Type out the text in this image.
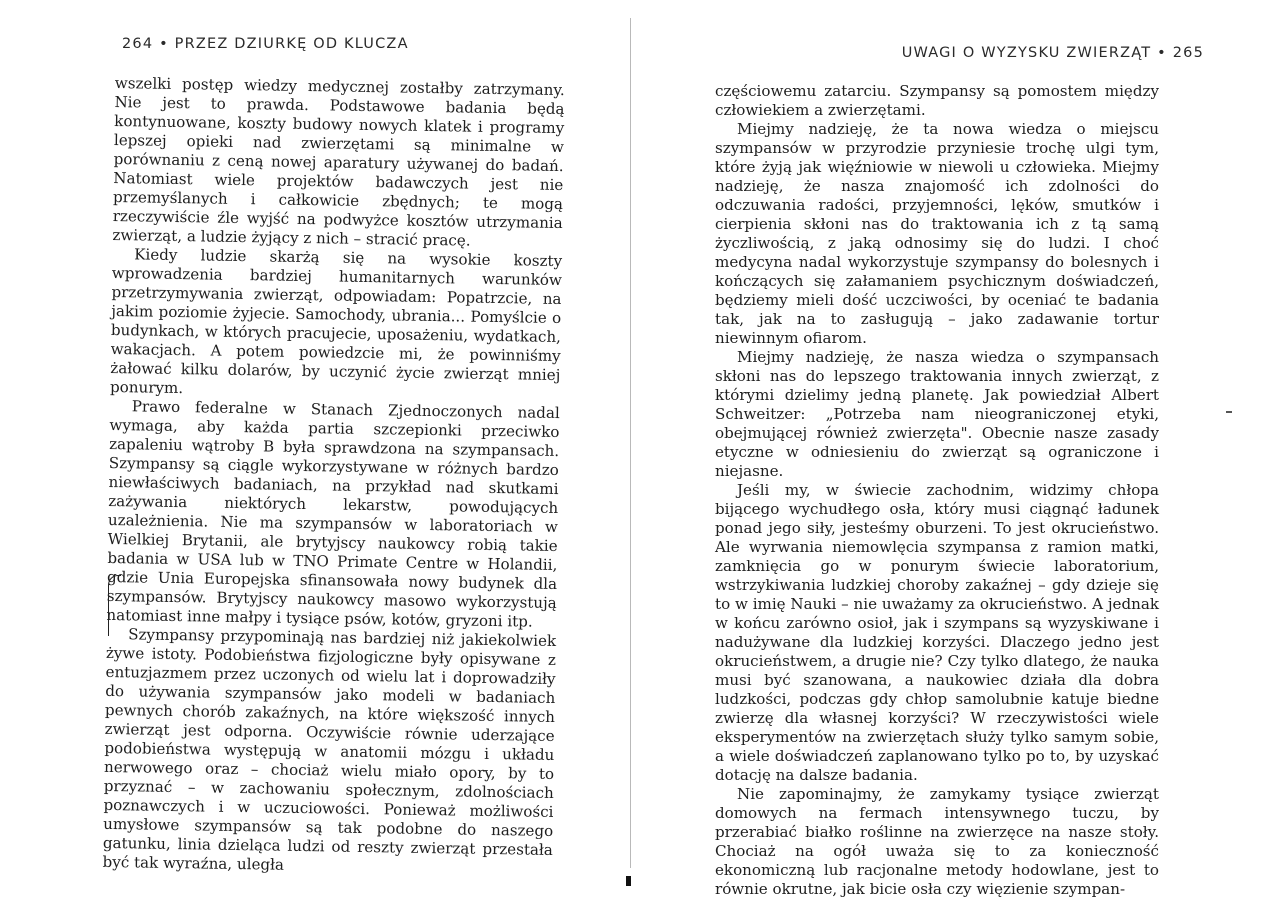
264 • PRZEZ DZIURKĘ OD KLUCZA

wszelki postęp wiedzy medycznej zostałby zatrzymany. Nie jest to prawda. Podstawowe badania będą kontynuowane, koszty budowy nowych klatek i programy lepszej opieki nad zwierzętami są minimalne w porównaniu z ceną nowej aparatury używanej do badań. Natomiast wiele projektów badawczych jest nie przemyślanych i całkowicie zbędnych; te mogą rzeczywiście źle wyjść na podwyżce kosztów utrzymania zwierząt, a ludzie żyjący z nich – stracić pracę.

Kiedy ludzie skarżą się na wysokie koszty wprowadzenia bardziej humanitarnych warunków przetrzymywania zwierząt, odpowiadam: Popatrzcie, na jakim poziomie żyjecie. Samochody, ubrania... Pomyślcie o budynkach, w których pracujecie, uposażeniu, wydatkach, wakacjach. A potem powiedzcie mi, że powinniśmy żałować kilku dolarów, by uczynić życie zwierząt mniej ponurym.

Prawo federalne w Stanach Zjednoczonych nadal wymaga, aby każda partia szczepionki przeciwko zapaleniu wątroby B była sprawdzona na szympansach. Szympansy są ciągle wykorzystywane w różnych bardzo niewłaściwych badaniach, na przykład nad skutkami zażywania niektórych lekarstw, powodujących uzależnienia. Nie ma szympansów w laboratoriach w Wielkiej Brytanii, ale brytyjscy naukowcy robią takie badania w USA lub w TNO Primate Centre w Holandii, gdzie Unia Europejska sfinansowała nowy budynek dla szympansów. Brytyjscy naukowcy masowo wykorzystują natomiast inne małpy i tysiące psów, kotów, gryzoni itp.

Szympansy przypominają nas bardziej niż jakiekolwiek żywe istoty. Podobieństwa fizjologiczne były opisywane z entuzjazmem przez uczonych od wielu lat i doprowadziły do używania szympansów jako modeli w badaniach pewnych chorób zakaźnych, na które większość innych zwierząt jest odporna. Oczywiście równie uderzające podobieństwa występują w anatomii mózgu i układu nerwowego oraz – chociaż wielu miało opory, by to przyznać – w zachowaniu społecznym, zdolnościach poznawczych i w uczuciowości. Ponieważ możliwości umysłowe szympansów są tak podobne do naszego gatunku, linia dzieląca ludzi od reszty zwierząt przestała być tak wyraźna, uległa

UWAGI O WYZYSKU ZWIERZĄT • 265

częściowemu zatarciu. Szympansy są pomostem między człowiekiem a zwierzętami.

Miejmy nadzieję, że ta nowa wiedza o miejscu szympansów w przyrodzie przyniesie trochę ulgi tym, które żyją jak więźniowie w niewoli u człowieka. Miejmy nadzieję, że nasza znajomość ich zdolności do odczuwania radości, przyjemności, lęków, smutków i cierpienia skłoni nas do traktowania ich z tą samą życzliwością, z jaką odnosimy się do ludzi. I choć medycyna nadal wykorzystuje szympansy do bolesnych i kończących się załamaniem psychicznym doświadczeń, będziemy mieli dość uczciwości, by oceniać te badania tak, jak na to zasługują – jako zadawanie tortur niewinnym ofiarom.

Miejmy nadzieję, że nasza wiedza o szympansach skłoni nas do lepszego traktowania innych zwierząt, z którymi dzielimy jedną planetę. Jak powiedział Albert Schweitzer: „Potrzeba nam nieograniczonej etyki, obejmującej również zwierzęta". Obecnie nasze zasady etyczne w odniesieniu do zwierząt są ograniczone i niejasne.

Jeśli my, w świecie zachodnim, widzimy chłopa bijącego wychudłego osła, który musi ciągnąć ładunek ponad jego siły, jesteśmy oburzeni. To jest okrucieństwo. Ale wyrwania niemowlęcia szympansa z ramion matki, zamknięcia go w ponurym świecie laboratorium, wstrzykiwania ludzkiej choroby zakaźnej – gdy dzieje się to w imię Nauki – nie uważamy za okrucieństwo. A jednak w końcu zarówno osioł, jak i szympans są wyzyskiwane i nadużywane dla ludzkiej korzyści. Dlaczego jedno jest okrucieństwem, a drugie nie? Czy tylko dlatego, że nauka musi być szanowana, a naukowiec działa dla dobra ludzkości, podczas gdy chłop samolubnie katuje biedne zwierzę dla własnej korzyści? W rzeczywistości wiele eksperymentów na zwierzętach służy tylko samym sobie, a wiele doświadczeń zaplanowano tylko po to, by uzyskać dotację na dalsze badania.

Nie zapominajmy, że zamykamy tysiące zwierząt domowych na fermach intensywnego tuczu, by przerabiać białko roślinne na zwierzęce na nasze stoły. Chociaż na ogół uważa się to za konieczność ekonomiczną lub racjonalne metody hodowlane, jest to równie okrutne, jak bicie osła czy więzienie szympan-
